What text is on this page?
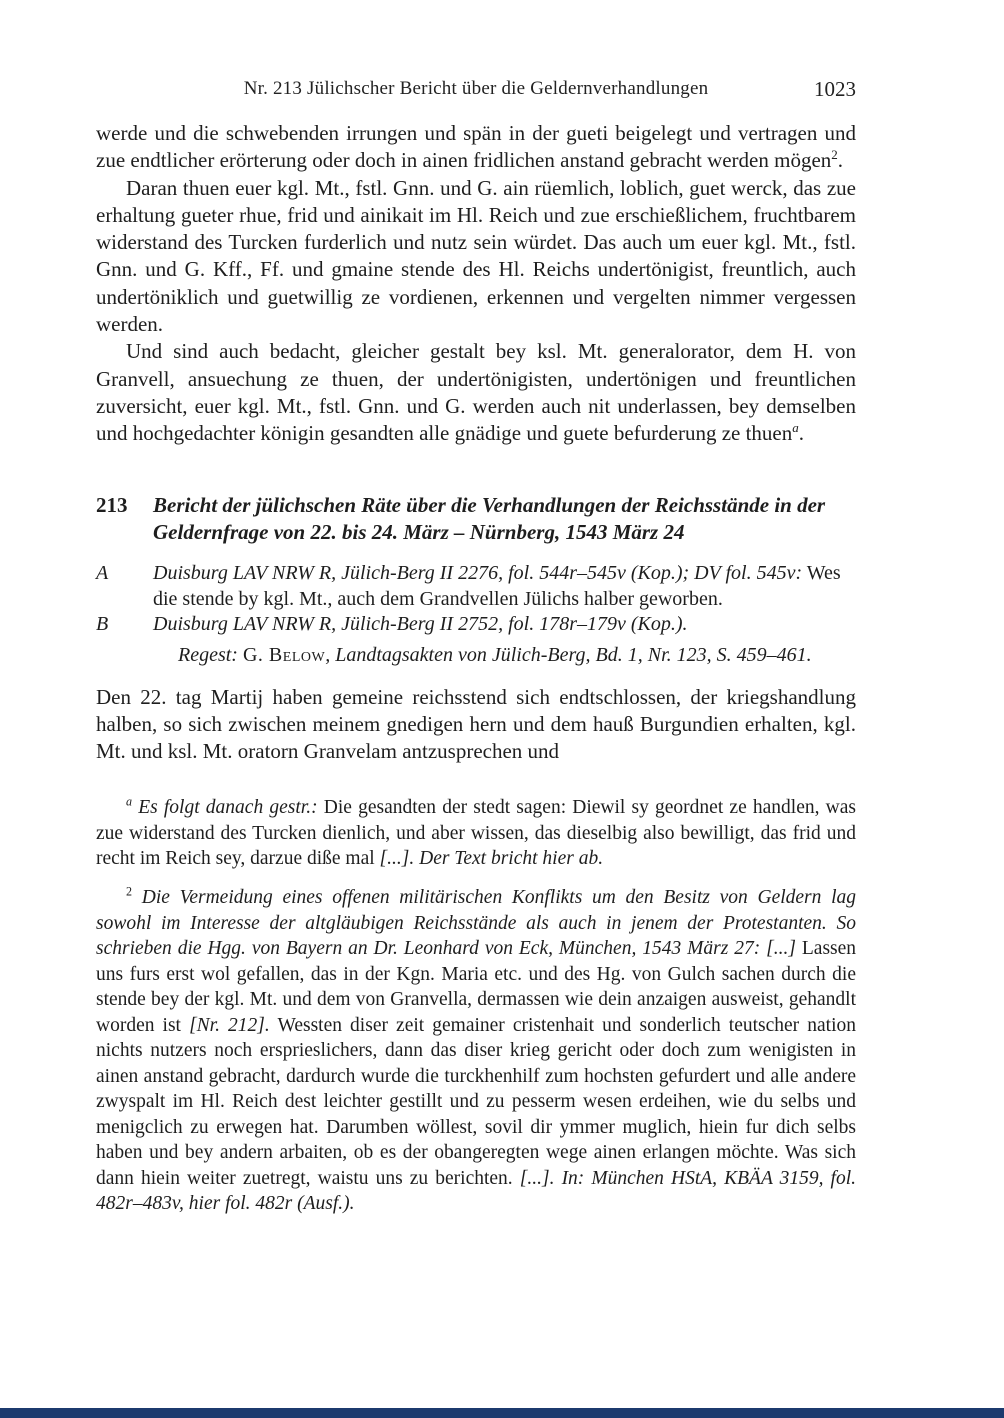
Nr. 213 Jülichscher Bericht über die Geldernverhandlungen	1023

werde und die schwebenden irrungen und spän in der gueti beigelegt und vertragen und zue endtlicher erörterung oder doch in ainen fridlichen anstand gebracht werden mögen$^2$.

Daran thuen euer kgl. Mt., fstl. Gnn. und G. ain rüemlich, loblich, guet werck, das zue erhaltung gueter rhue, frid und ainikait im Hl. Reich und zue erschießlichem, fruchtbarem widerstand des Turcken furderlich und nutz sein würdet. Das auch um euer kgl. Mt., fstl. Gnn. und G. Kff., Ff. und gmaine stende des Hl. Reichs undertönigist, freuntlich, auch undertöniklich und guetwillig ze vordienen, erkennen und vergelten nimmer vergessen werden.

Und sind auch bedacht, gleicher gestalt bey ksl. Mt. generalorator, dem H. von Granvell, ansuechung ze thuen, der undertönigisten, undertönigen und freuntlichen zuversicht, euer kgl. Mt., fstl. Gnn. und G. werden auch nit underlassen, bey demselben und hochgedachter königin gesandten alle gnädige und guete befurderung ze thuen$^a$.

213	Bericht der jülichschen Räte über die Verhandlungen der Reichsstände in der Geldernfrage von 22. bis 24. März – Nürnberg, 1543 März 24
A	Duisburg LAV NRW R, Jülich-Berg II 2276, fol. 544r–545v (Kop.); DV fol. 545v: Wes die stende by kgl. Mt., auch dem Grandvellen Jülichs halber geworben.
B	Duisburg LAV NRW R, Jülich-Berg II 2752, fol. 178r–179v (Kop.).
Regest: G. Below, Landtagsakten von Jülich-Berg, Bd. 1, Nr. 123, S. 459–461.

Den 22. tag Martij haben gemeine reichsstend sich endtschlossen, der kriegshandlung halben, so sich zwischen meinem gnedigen hern und dem hauß Burgundien erhalten, kgl. Mt. und ksl. Mt. oratorn Granvelam antzusprechen und

$^a$ Es folgt danach gestr.: Die gesandten der stedt sagen: Diewil sy geordnet ze handlen, was zue widerstand des Turcken dienlich, und aber wissen, das dieselbig also bewilligt, das frid und recht im Reich sey, darzue diße mal [...]. Der Text bricht hier ab.

$^2$ Die Vermeidung eines offenen militärischen Konflikts um den Besitz von Geldern lag sowohl im Interesse der altgläubigen Reichsstände als auch in jenem der Protestanten. So schrieben die Hgg. von Bayern an Dr. Leonhard von Eck, München, 1543 März 27: [...] Lassen uns furs erst wol gefallen, das in der Kgn. Maria etc. und des Hg. von Gulch sachen durch die stende bey der kgl. Mt. und dem von Granvella, dermassen wie dein anzaigen ausweist, gehandlt worden ist [Nr. 212]. Wessten diser zeit gemainer cristenhait und sonderlich teutscher nation nichts nutzers noch ersprieslichers, dann das diser krieg gericht oder doch zum wenigisten in ainen anstand gebracht, dardurch wurde die turckhenhilf zum hochsten gefurdert und alle andere zwyspalt im Hl. Reich dest leichter gestillt und zu pesserm wesen erdeihen, wie du selbs und menigclich zu erwegen hat. Darumben wöllest, sovil dir ymmer muglich, hiein fur dich selbs haben und bey andern arbaiten, ob es der obangeregten wege ainen erlangen möchte. Was sich dann hiein weiter zuetregt, waistu uns zu berichten. [...]. In: München HStA, KBÄA 3159, fol. 482r–483v, hier fol. 482r (Ausf.).
